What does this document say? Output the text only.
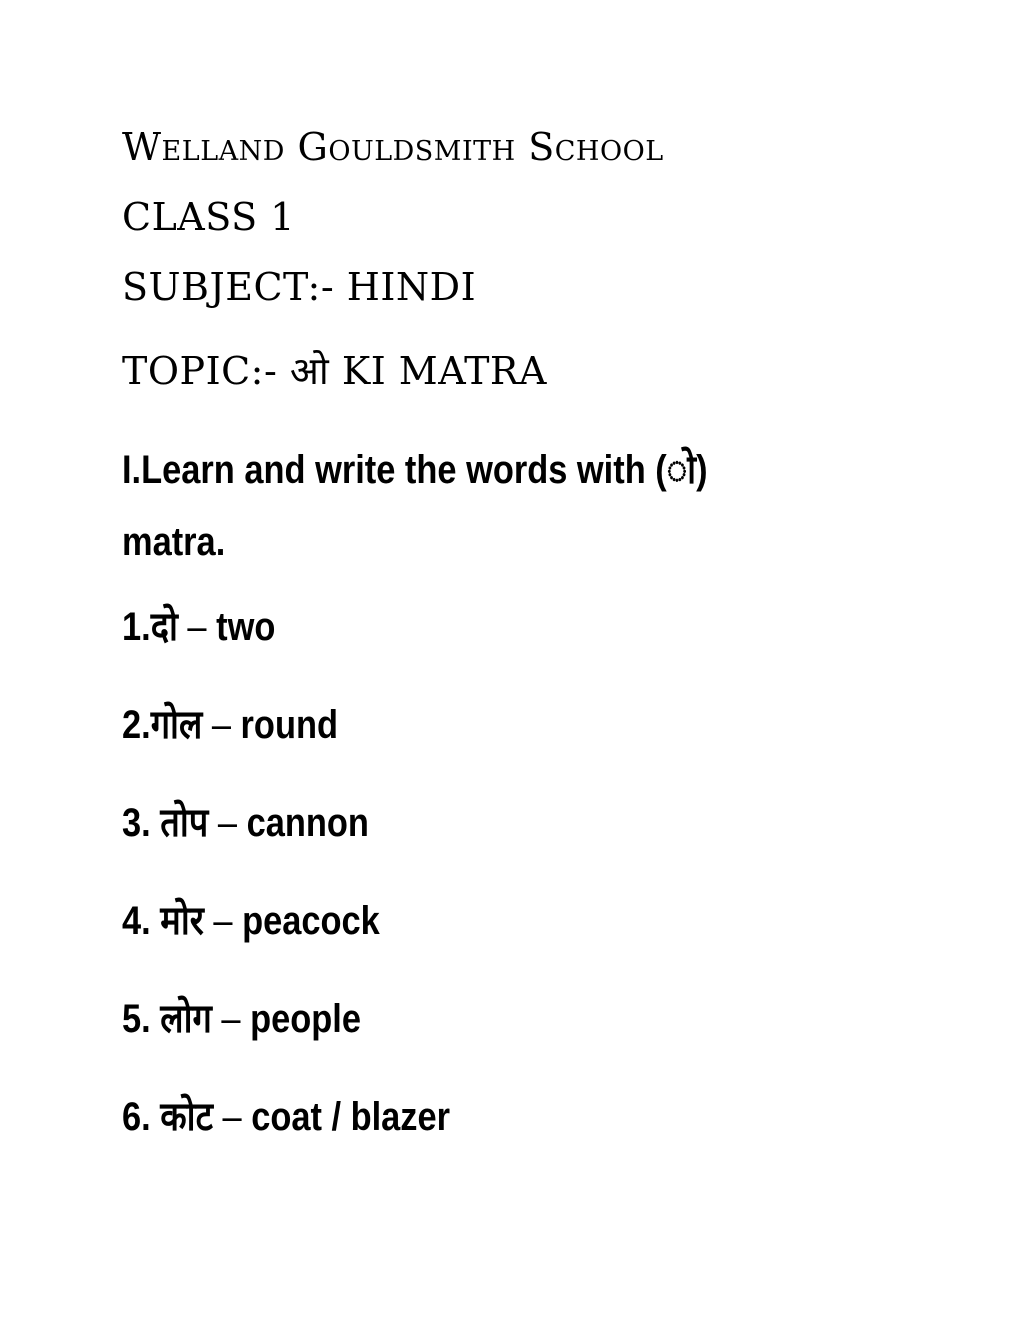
Welland Gouldsmith School
CLASS 1
SUBJECT:- HINDI
TOPIC:- ओ KI MATRA
I.Learn and write the words with (ो)
matra.
1.दो – two
2.गोल – round
3. तोप – cannon
4. मोर – peacock
5. लोग – people
6. कोट – coat / blazer
